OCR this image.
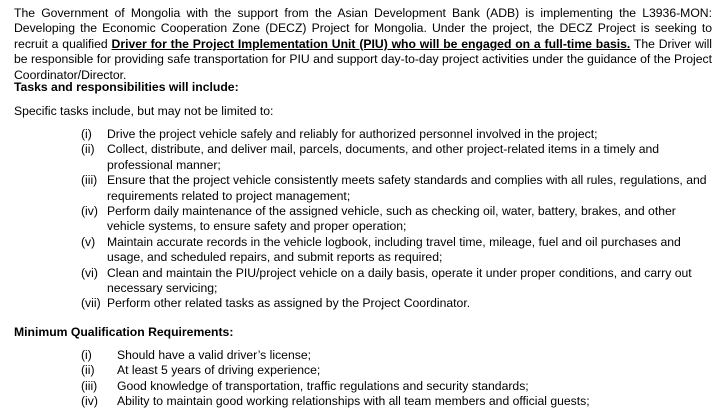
The Government of Mongolia with the support from the Asian Development Bank (ADB) is implementing the L3936-MON: Developing the Economic Cooperation Zone (DECZ) Project for Mongolia. Under the project, the DECZ Project is seeking to recruit a qualified Driver for the Project Implementation Unit (PIU) who will be engaged on a full-time basis. The Driver will be responsible for providing safe transportation for PIU and support day-to-day project activities under the guidance of the Project Coordinator/Director.

Tasks and responsibilities will include:
Specific tasks include, but may not be limited to:
(i) Drive the project vehicle safely and reliably for authorized personnel involved in the project;
(ii) Collect, distribute, and deliver mail, parcels, documents, and other project-related items in a timely and professional manner;
(iii) Ensure that the project vehicle consistently meets safety standards and complies with all rules, regulations, and requirements related to project management;
(iv) Perform daily maintenance of the assigned vehicle, such as checking oil, water, battery, brakes, and other vehicle systems, to ensure safety and proper operation;
(v) Maintain accurate records in the vehicle logbook, including travel time, mileage, fuel and oil purchases and usage, and scheduled repairs, and submit reports as required;
(vi) Clean and maintain the PIU/project vehicle on a daily basis, operate it under proper conditions, and carry out necessary servicing;
(vii) Perform other related tasks as assigned by the Project Coordinator.
Minimum Qualification Requirements:
(i) Should have a valid driver’s license;
(ii) At least 5 years of driving experience;
(iii) Good knowledge of transportation, traffic regulations and security standards;
(iv) Ability to maintain good working relationships with all team members and official guests;
